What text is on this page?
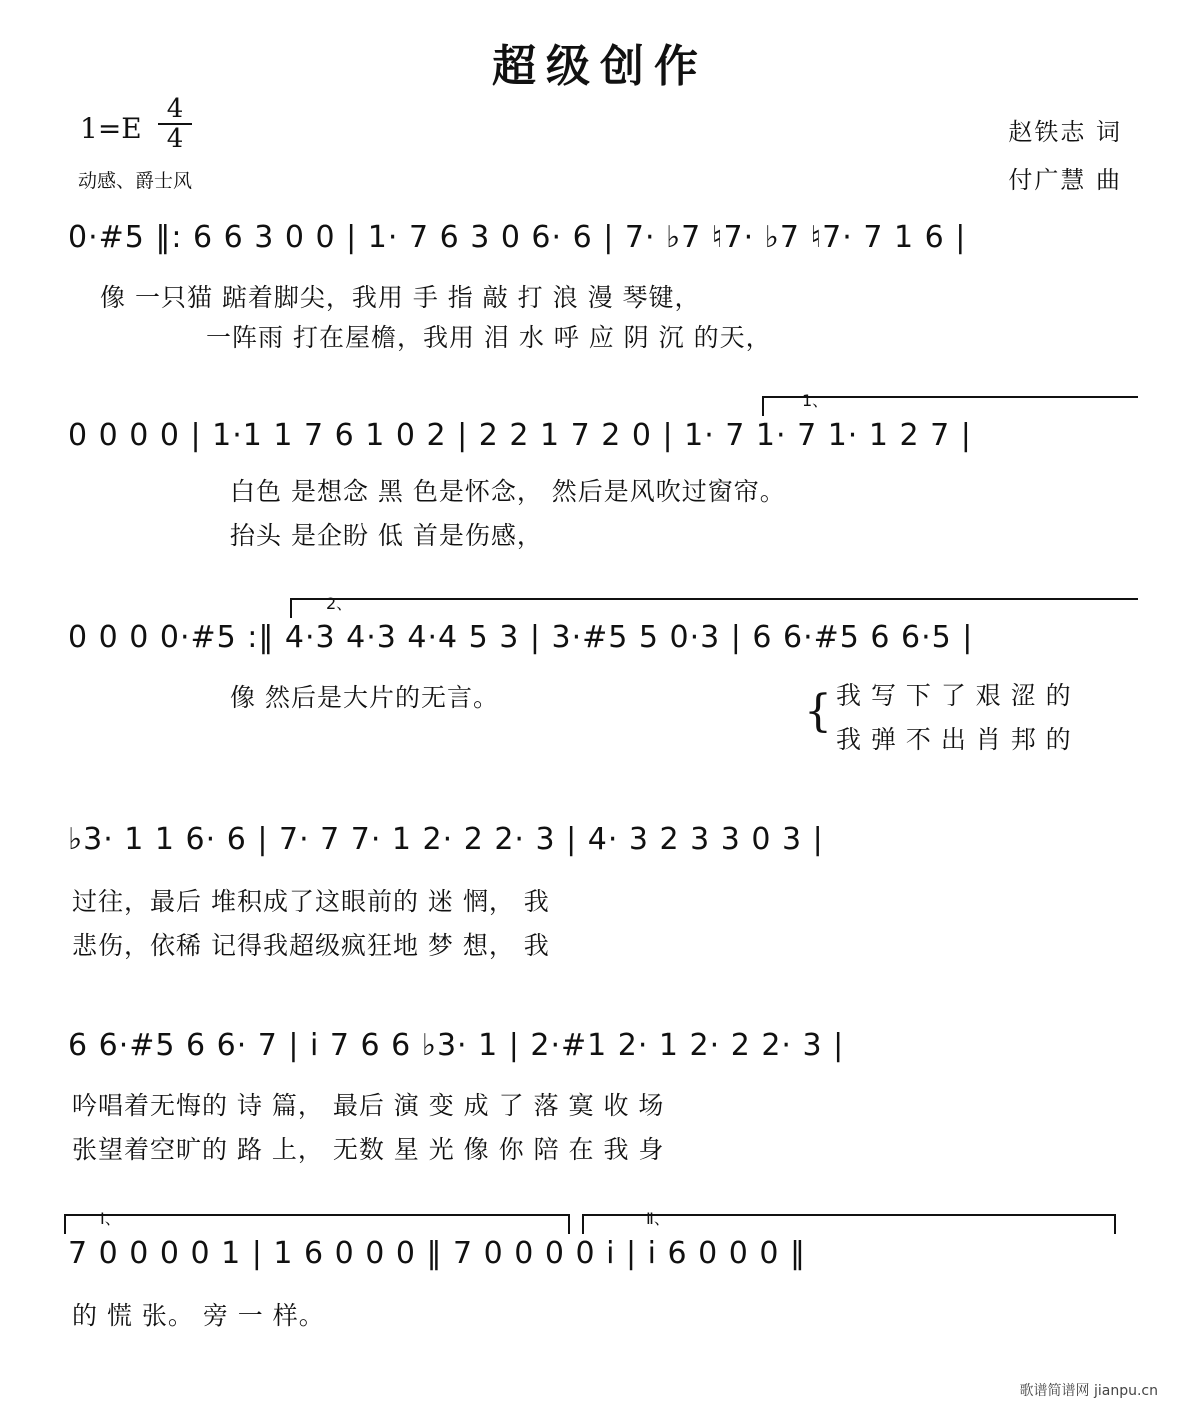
超级创作
1=E
4
4
动感、爵士风
赵铁志 词
付广慧 曲
0·#5 ‖: 6 6 3 0 0 | 1· 7 6 3 0 6· 6 | 7· ♭7 ♮7· ♭7 ♮7· 7 1 6 |
像 一只猫 踮着脚尖，我用 手 指 敲 打 浪 漫 琴键，
一阵雨 打在屋檐，我用 泪 水 呼 应 阴 沉 的天，
1、
0 0 0 0 | 1·1 1 7 6 1 0 2 | 2 2 1 7 2 0 | 1· 7 1· 7 1· 1 2 7 |
白色 是想念 黑 色是怀念， 然后是风吹过窗帘。
抬头 是企盼 低 首是伤感，
2、
0 0 0 0·#5 :‖ 4·3 4·3 4·4 5 3 | 3·#5 5 0·3 | 6 6·#5 6 6·5 |
像 然后是大片的无言。	{ 我 写 下 了 艰 涩 的
我 弹 不 出 肖 邦 的
♭3· 1 1 6· 6 | 7· 7 7· 1 2· 2 2· 3 | 4· 3 2 3 3 0 3 |
过往，最后 堆积成了这眼前的 迷 惘， 我
悲伤，依稀 记得我超级疯狂地 梦 想， 我
6 6·#5 6 6· 7 | i 7 6 6 ♭3· 1 | 2·#1 2· 1 2· 2 2· 3 |
吟唱着无悔的 诗 篇， 最后 演 变 成 了 落 寞 收 场
张望着空旷的 路 上， 无数 星 光 像 你 陪 在 我 身
Ⅰ、	Ⅱ、
7 0 0 0 0 1 | 1 6 0 0 0 ‖ 7 0 0 0 0 i | i 6 0 0 0 ‖
的 慌 张。 旁 一 样。
歌谱简谱网 jianpu.cn
